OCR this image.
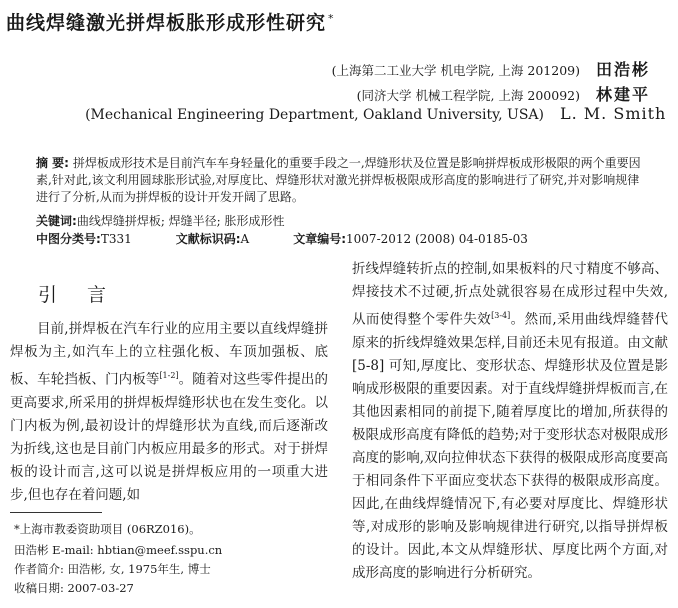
曲线焊缝激光拼焊板胀形成形性研究 *
(上海第二工业大学 机电学院, 上海 201209) 田浩彬
(同济大学 机械工程学院, 上海 200092) 林建平
(Mechanical Engineering Department, Oakland University, USA) L. M. Smith

摘 要: 拼焊板成形技术是目前汽车车身轻量化的重要手段之一,焊缝形状及位置是影响拼焊板成形极限的两个重要因素,针对此,该文利用圆球胀形试验,对厚度比、焊缝形状对激光拼焊板极限成形高度的影响进行了研究,并对影响规律进行了分析,从而为拼焊板的设计开发开阔了思路。

关键词:曲线焊缝拼焊板; 焊缝半径; 胀形成形性
中图分类号:T331	文献标识码:A	文章编号:1007-2012 (2008) 04-0185-03
引 言

目前,拼焊板在汽车行业的应用主要以直线焊缝拼焊板为主,如汽车上的立柱强化板、车顶加强板、底板、车轮挡板、门内板等[1-2]。随着对这些零件提出的更高要求,所采用的拼焊板焊缝形状也在发生变化。以门内板为例,最初设计的焊缝形状为直线,而后逐渐改为折线,这也是目前门内板应用最多的形式。对于拼焊板的设计而言,这可以说是拼焊板应用的一项重大进步,但也存在着问题,如

折线焊缝转折点的控制,如果板料的尺寸精度不够高、焊接技术不过硬,折点处就很容易在成形过程中失效,从而使得整个零件失效[3-4]。然而,采用曲线焊缝替代原来的折线焊缝效果怎样,目前还未见有报道。由文献 [5-8] 可知,厚度比、变形状态、焊缝形状及位置是影响成形极限的重要因素。对于直线焊缝拼焊板而言,在其他因素相同的前提下,随着厚度比的增加,所获得的极限成形高度有降低的趋势;对于变形状态对极限成形高度的影响,双向拉伸状态下获得的极限成形高度要高于相同条件下平面应变状态下获得的极限成形高度。因此,在曲线焊缝情况下,有必要对厚度比、焊缝形状等,对成形的影响及影响规律进行研究,以指导拼焊板的设计。因此,本文从焊缝形状、厚度比两个方面,对成形高度的影响进行分析研究。

*上海市教委资助项目 (06RZ016)。
田浩彬 E-mail: hbtian@meef.sspu.cn
作者简介: 田浩彬, 女, 1975年生, 博士
收稿日期: 2007-03-27
